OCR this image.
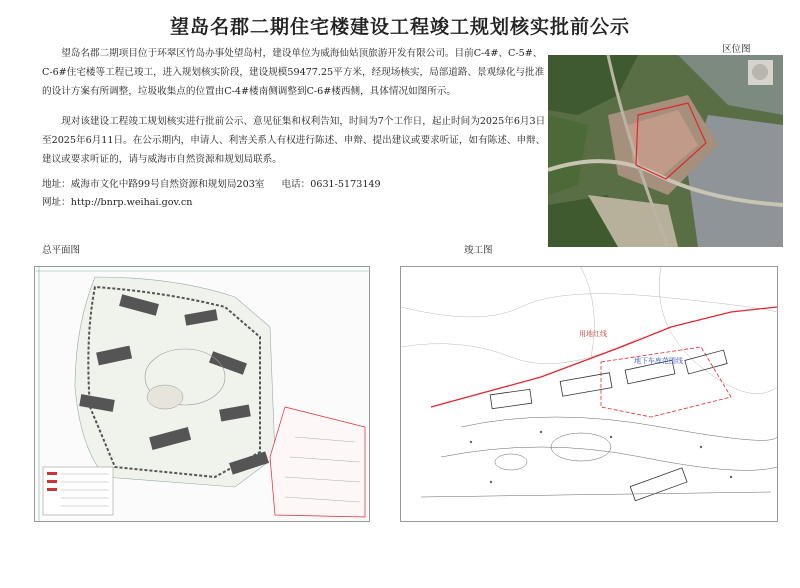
望岛名郡二期住宅楼建设工程竣工规划核实批前公示

望岛名郡二期项目位于环翠区竹岛办事处望岛村，建设单位为威海仙姑顶旅游开发有限公司。目前C-4#、C-5#、C-6#住宅楼等工程已竣工，进入规划核实阶段，建设规模59477.25平方米，经现场核实，局部道路、景观绿化与批准的设计方案有所调整，垃圾收集点的位置由C-4#楼南侧调整到C-6#楼西侧，具体情况如图所示。

现对该建设工程竣工规划核实进行批前公示、意见征集和权利告知，时间为7个工作日，起止时间为2025年6月3日至2025年6月11日。在公示期内，申请人、利害关系人有权进行陈述、申辩、提出建议或要求听证，如有陈述、申辩、建议或要求听证的，请与威海市自然资源和规划局联系。

地址：威海市文化中路99号自然资源和规划局203室 电话：0631-5173149
网址：http://bnrp.weihai.gov.cn
区位图
总平面图	竣工图
用地红线
地下车库范围线
